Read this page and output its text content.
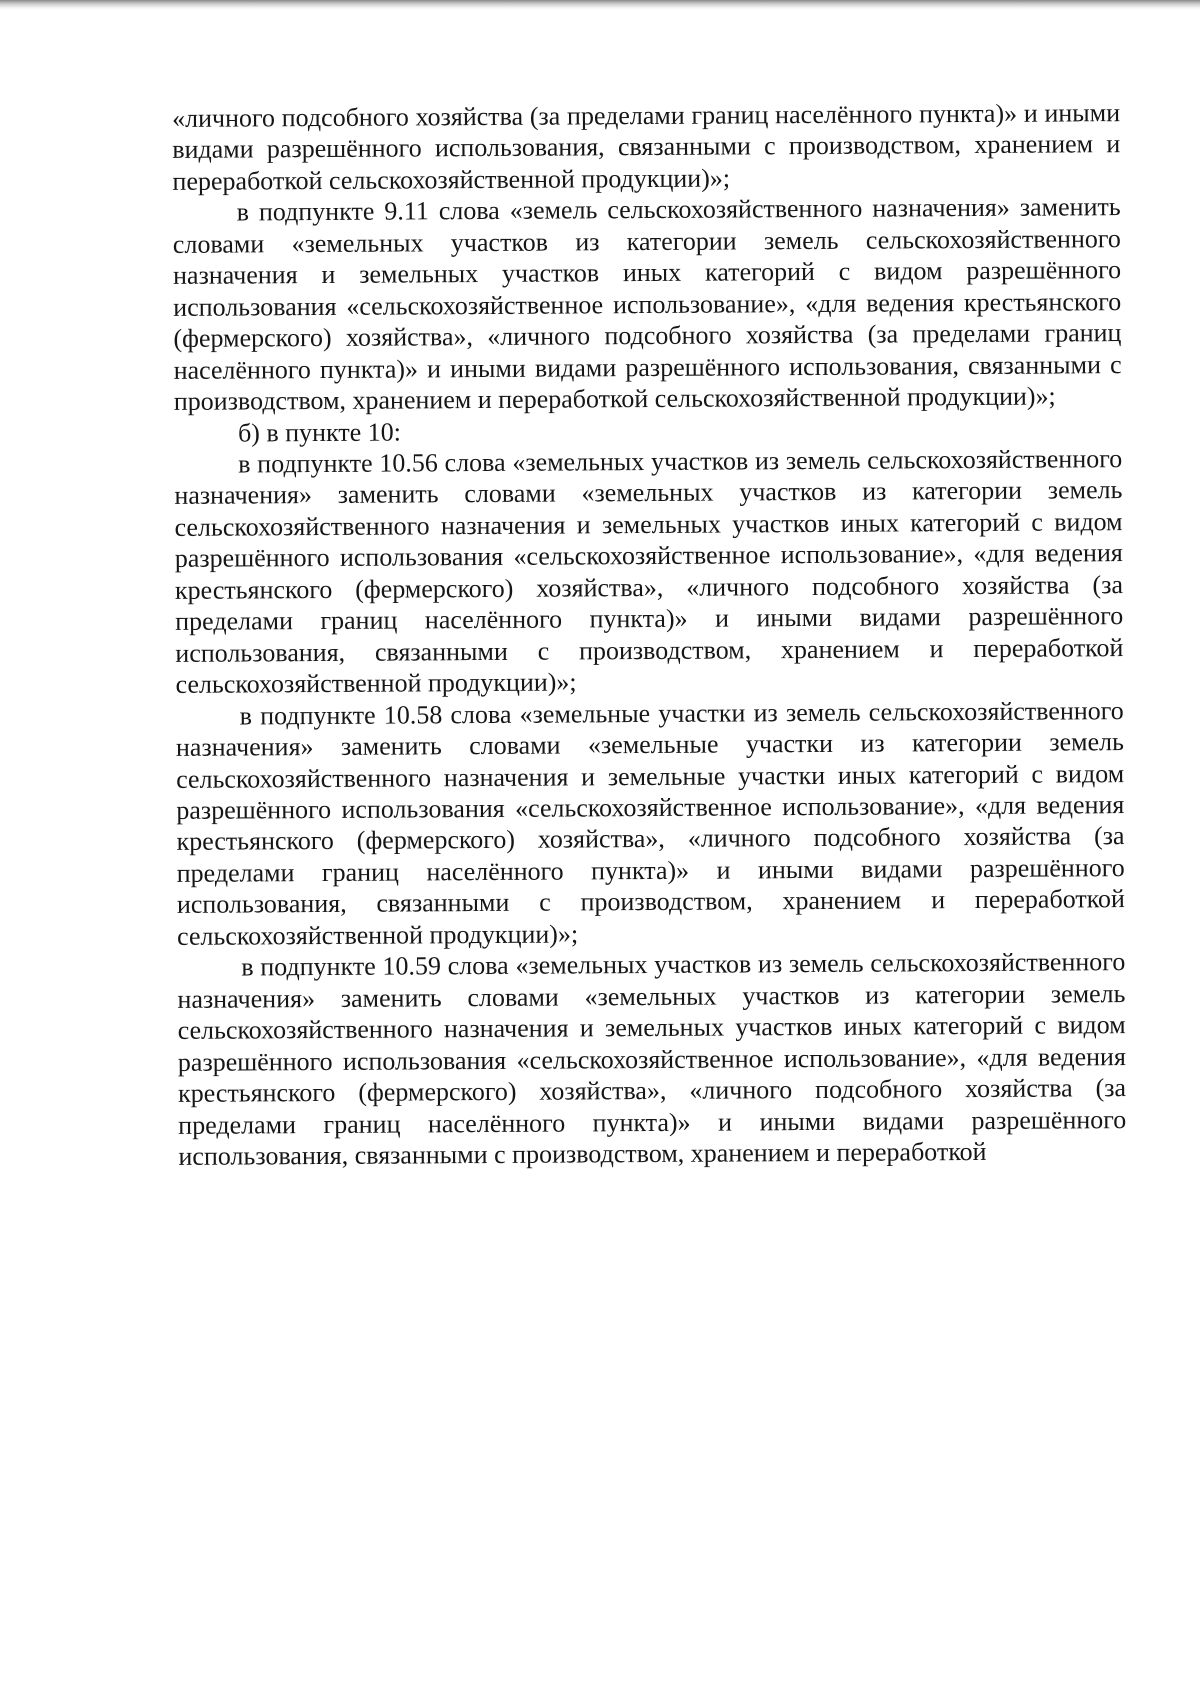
«личного подсобного хозяйства (за пределами границ населённого пункта)» и иными видами разрешённого использования, связанными с производством, хранением и переработкой сельскохозяйственной продукции)»;

в подпункте 9.11 слова «земель сельскохозяйственного назначения» заменить словами «земельных участков из категории земель сельскохозяйственного назначения и земельных участков иных категорий с видом разрешённого использования «сельскохозяйственное использование», «для ведения крестьянского (фермерского) хозяйства», «личного подсобного хозяйства (за пределами границ населённого пункта)» и иными видами разрешённого использования, связанными с производством, хранением и переработкой сельскохозяйственной продукции)»;

б) в пункте 10:

в подпункте 10.56 слова «земельных участков из земель сельскохозяйственного назначения» заменить словами «земельных участков из категории земель сельскохозяйственного назначения и земельных участков иных категорий с видом разрешённого использования «сельскохозяйственное использование», «для ведения крестьянского (фермерского) хозяйства», «личного подсобного хозяйства (за пределами границ населённого пункта)» и иными видами разрешённого использования, связанными с производством, хранением и переработкой сельскохозяйственной продукции)»;

в подпункте 10.58 слова «земельные участки из земель сельскохозяйственного назначения» заменить словами «земельные участки из категории земель сельскохозяйственного назначения и земельные участки иных категорий с видом разрешённого использования «сельскохозяйственное использование», «для ведения крестьянского (фермерского) хозяйства», «личного подсобного хозяйства (за пределами границ населённого пункта)» и иными видами разрешённого использования, связанными с производством, хранением и переработкой сельскохозяйственной продукции)»;

в подпункте 10.59 слова «земельных участков из земель сельскохозяйственного назначения» заменить словами «земельных участков из категории земель сельскохозяйственного назначения и земельных участков иных категорий с видом разрешённого использования «сельскохозяйственное использование», «для ведения крестьянского (фермерского) хозяйства», «личного подсобного хозяйства (за пределами границ населённого пункта)» и иными видами разрешённого использования, связанными с производством, хранением и переработкой
